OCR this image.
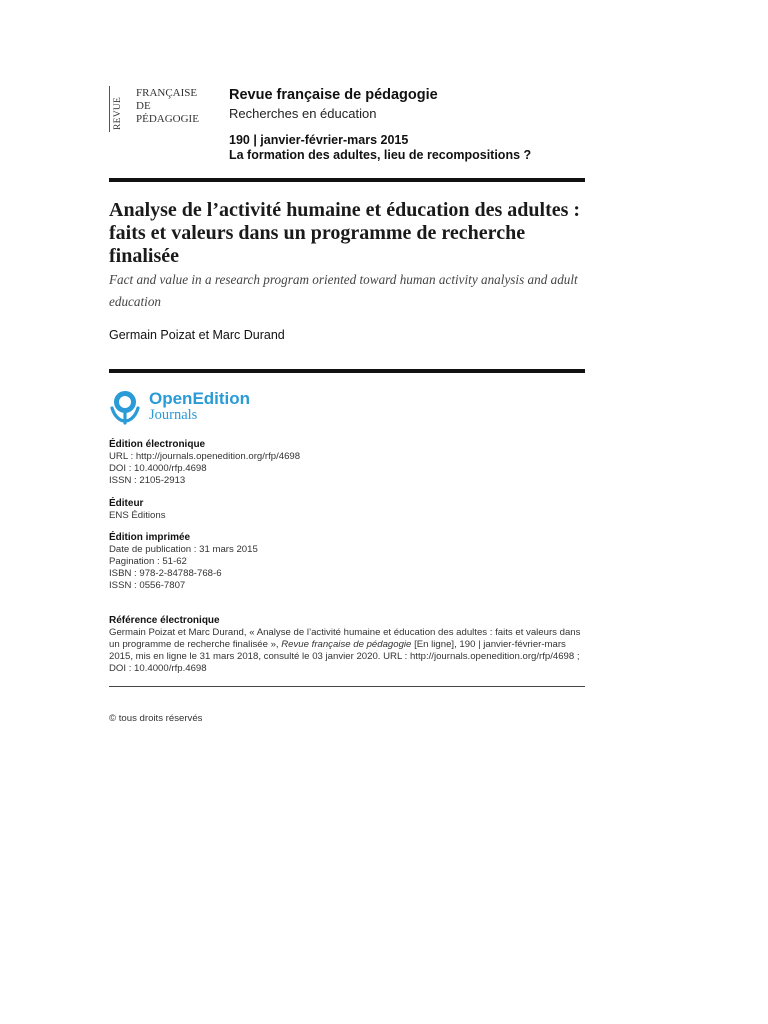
REVUE
FRANÇAISE
DE
PÉDAGOGIE

Revue française de pédagogie

Recherches en éducation

190 | janvier-février-mars 2015

La formation des adultes, lieu de recompositions ?

Analyse de l’activité humaine et éducation des adultes : faits et valeurs dans un programme de recherche finalisée

Fact and value in a research program oriented toward human activity analysis and adult education

Germain Poizat et Marc Durand

OpenEdition
Journals
Édition électronique

URL : http://journals.openedition.org/rfp/4698

DOI : 10.4000/rfp.4698

ISSN : 2105-2913

Éditeur

ENS Éditions

Édition imprimée

Date de publication : 31 mars 2015

Pagination : 51-62

ISBN : 978-2-84788-768-6

ISSN : 0556-7807

Référence électronique

Germain Poizat et Marc Durand, « Analyse de l’activité humaine et éducation des adultes : faits et valeurs dans un programme de recherche finalisée », Revue française de pédagogie [En ligne], 190 | janvier-février-mars 2015, mis en ligne le 31 mars 2018, consulté le 03 janvier 2020. URL : http://journals.openedition.org/rfp/4698 ; DOI : 10.4000/rfp.4698

© tous droits réservés
